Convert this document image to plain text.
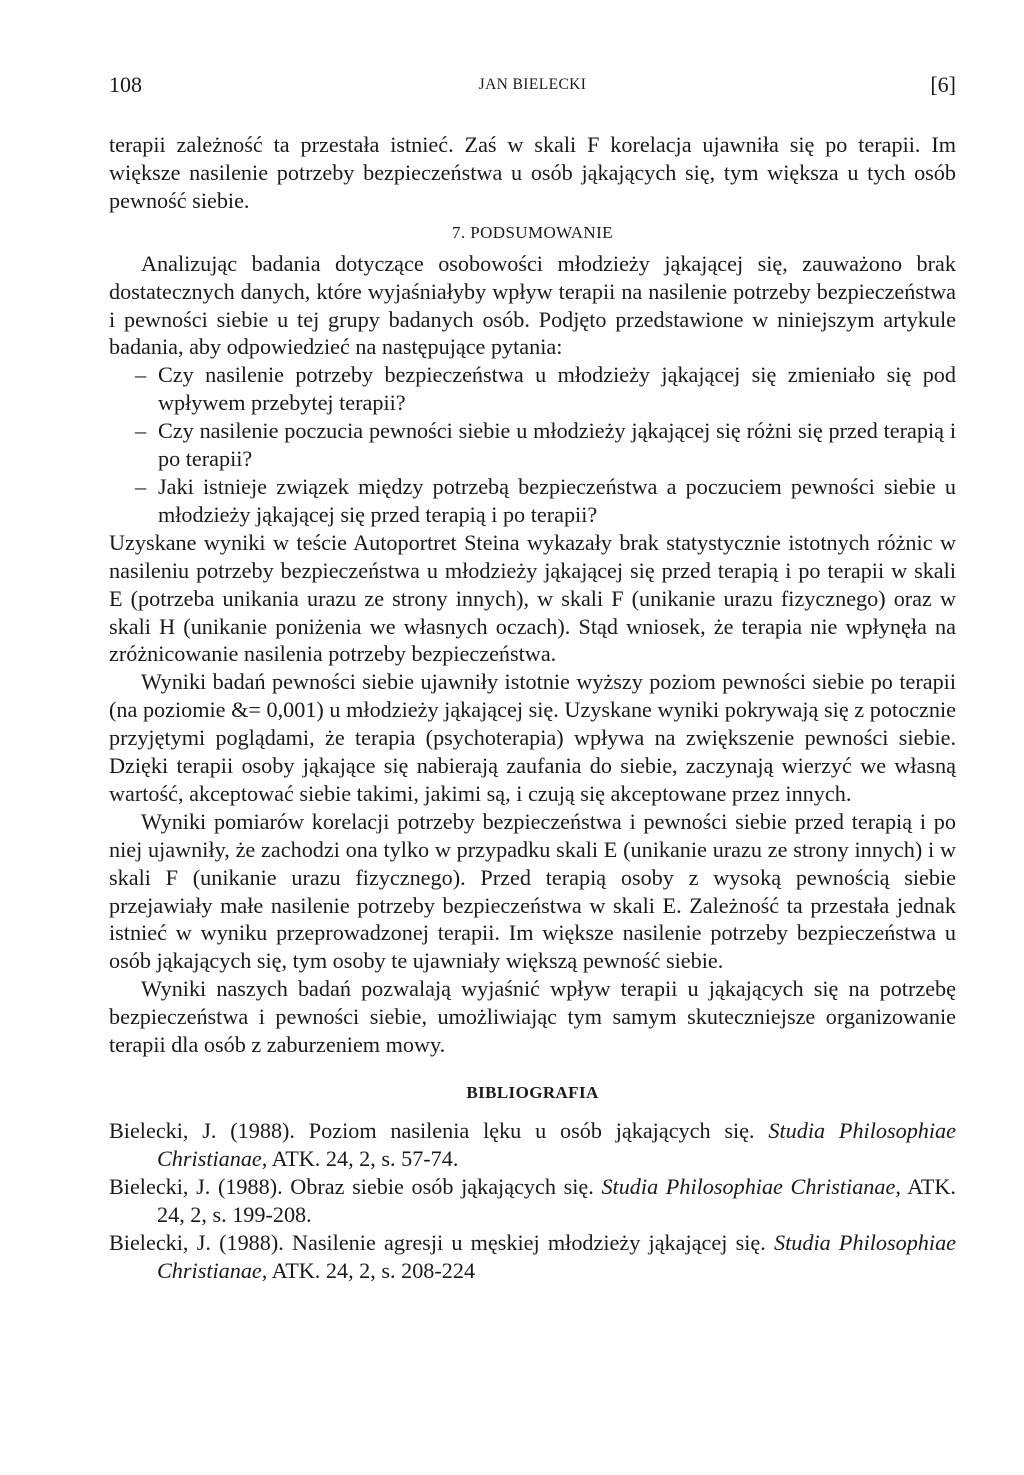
108	JAN BIELECKI	[6]

terapii zależność ta przestała istnieć. Zaś w skali F korelacja ujawniła się po terapii. Im większe nasilenie potrzeby bezpieczeństwa u osób jąkających się, tym większa u tych osób pewność siebie.

7. PODSUMOWANIE

Analizując badania dotyczące osobowości młodzieży jąkającej się, zauważono brak dostatecznych danych, które wyjaśniałyby wpływ terapii na nasilenie potrzeby bezpieczeństwa i pewności siebie u tej grupy badanych osób. Podjęto przedstawione w niniejszym artykule badania, aby odpowiedzieć na następujące pytania:

– Czy nasilenie potrzeby bezpieczeństwa u młodzieży jąkającej się zmieniało się pod wpływem przebytej terapii?
– Czy nasilenie poczucia pewności siebie u młodzieży jąkającej się różni się przed terapią i po terapii?
– Jaki istnieje związek między potrzebą bezpieczeństwa a poczuciem pewności siebie u młodzieży jąkającej się przed terapią i po terapii?

Uzyskane wyniki w teście Autoportret Steina wykazały brak statystycznie istotnych różnic w nasileniu potrzeby bezpieczeństwa u młodzieży jąkającej się przed terapią i po terapii w skali E (potrzeba unikania urazu ze strony innych), w skali F (unikanie urazu fizycznego) oraz w skali H (unikanie poniżenia we własnych oczach). Stąd wniosek, że terapia nie wpłynęła na zróżnicowanie nasilenia potrzeby bezpieczeństwa.

Wyniki badań pewności siebie ujawniły istotnie wyższy poziom pewności siebie po terapii (na poziomie &= 0,001) u młodzieży jąkającej się. Uzyskane wyniki pokrywają się z potocznie przyjętymi poglądami, że terapia (psychoterapia) wpływa na zwiększenie pewności siebie. Dzięki terapii osoby jąkające się nabierają zaufania do siebie, zaczynają wierzyć we własną wartość, akceptować siebie takimi, jakimi są, i czują się akceptowane przez innych.

Wyniki pomiarów korelacji potrzeby bezpieczeństwa i pewności siebie przed terapią i po niej ujawniły, że zachodzi ona tylko w przypadku skali E (unikanie urazu ze strony innych) i w skali F (unikanie urazu fizycznego). Przed terapią osoby z wysoką pewnością siebie przejawiały małe nasilenie potrzeby bezpieczeństwa w skali E. Zależność ta przestała jednak istnieć w wyniku przeprowadzonej terapii. Im większe nasilenie potrzeby bezpieczeństwa u osób jąkających się, tym osoby te ujawniały większą pewność siebie.

Wyniki naszych badań pozwalają wyjaśnić wpływ terapii u jąkających się na potrzebę bezpieczeństwa i pewności siebie, umożliwiając tym samym skuteczniejsze organizowanie terapii dla osób z zaburzeniem mowy.

BIBLIOGRAFIA

Bielecki, J. (1988). Poziom nasilenia lęku u osób jąkających się. Studia Philosophiae Christianae, ATK. 24, 2, s. 57-74.

Bielecki, J. (1988). Obraz siebie osób jąkających się. Studia Philosophiae Christianae, ATK. 24, 2, s. 199-208.

Bielecki, J. (1988). Nasilenie agresji u męskiej młodzieży jąkającej się. Studia Philosophiae Christianae, ATK. 24, 2, s. 208-224
